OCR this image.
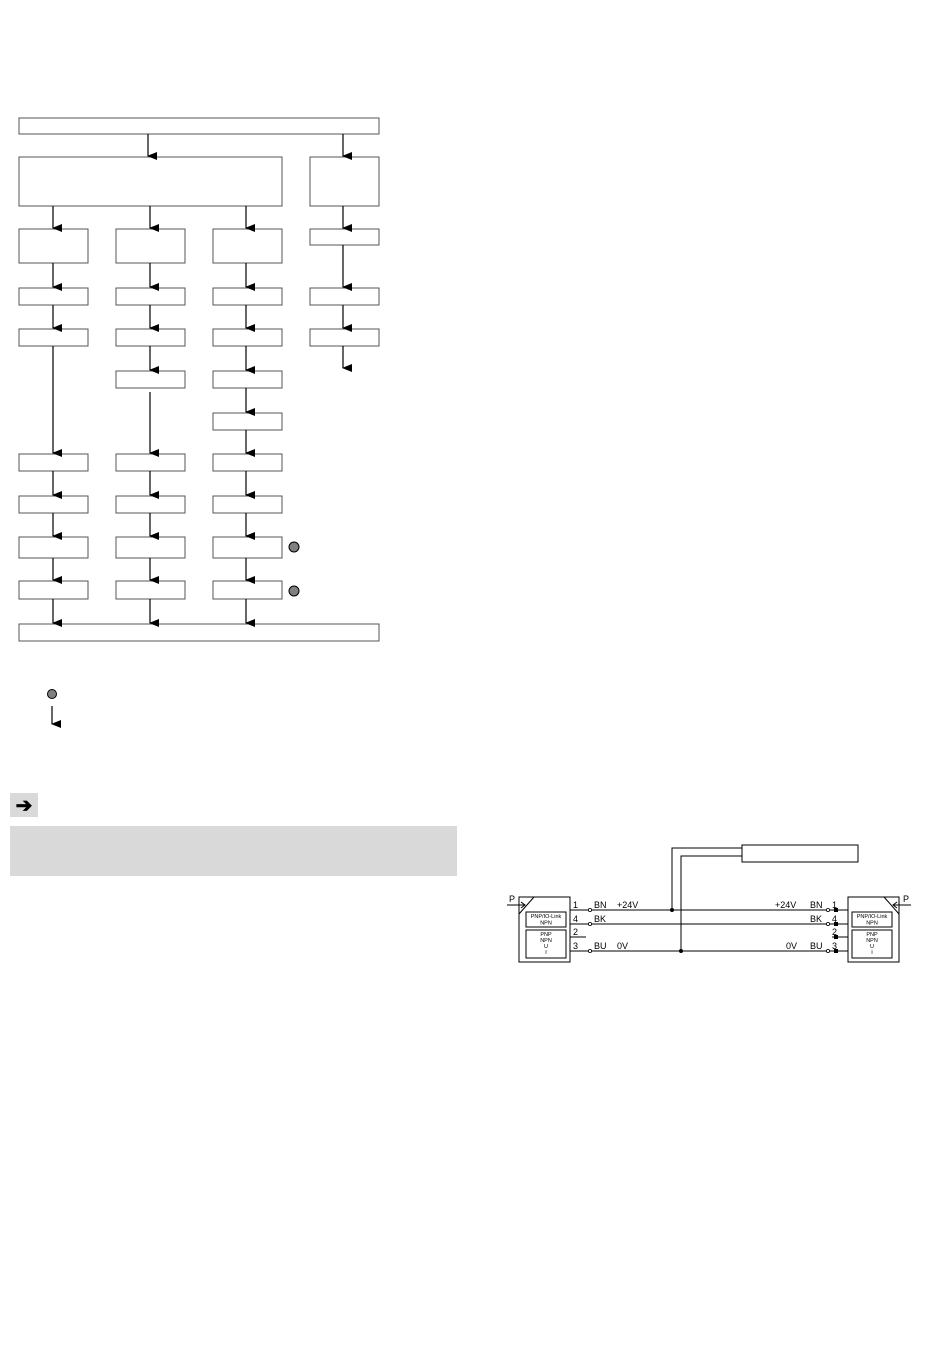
➔
P	P
1
4
2
3
1
4
2
3
BN
BK
BU
+24V
0V
BN
BK
BU
+24V
0V
PNP/IO-Link NPN
PNP NPN U I
PNP/IO-Link NPN
PNP NPN U I
